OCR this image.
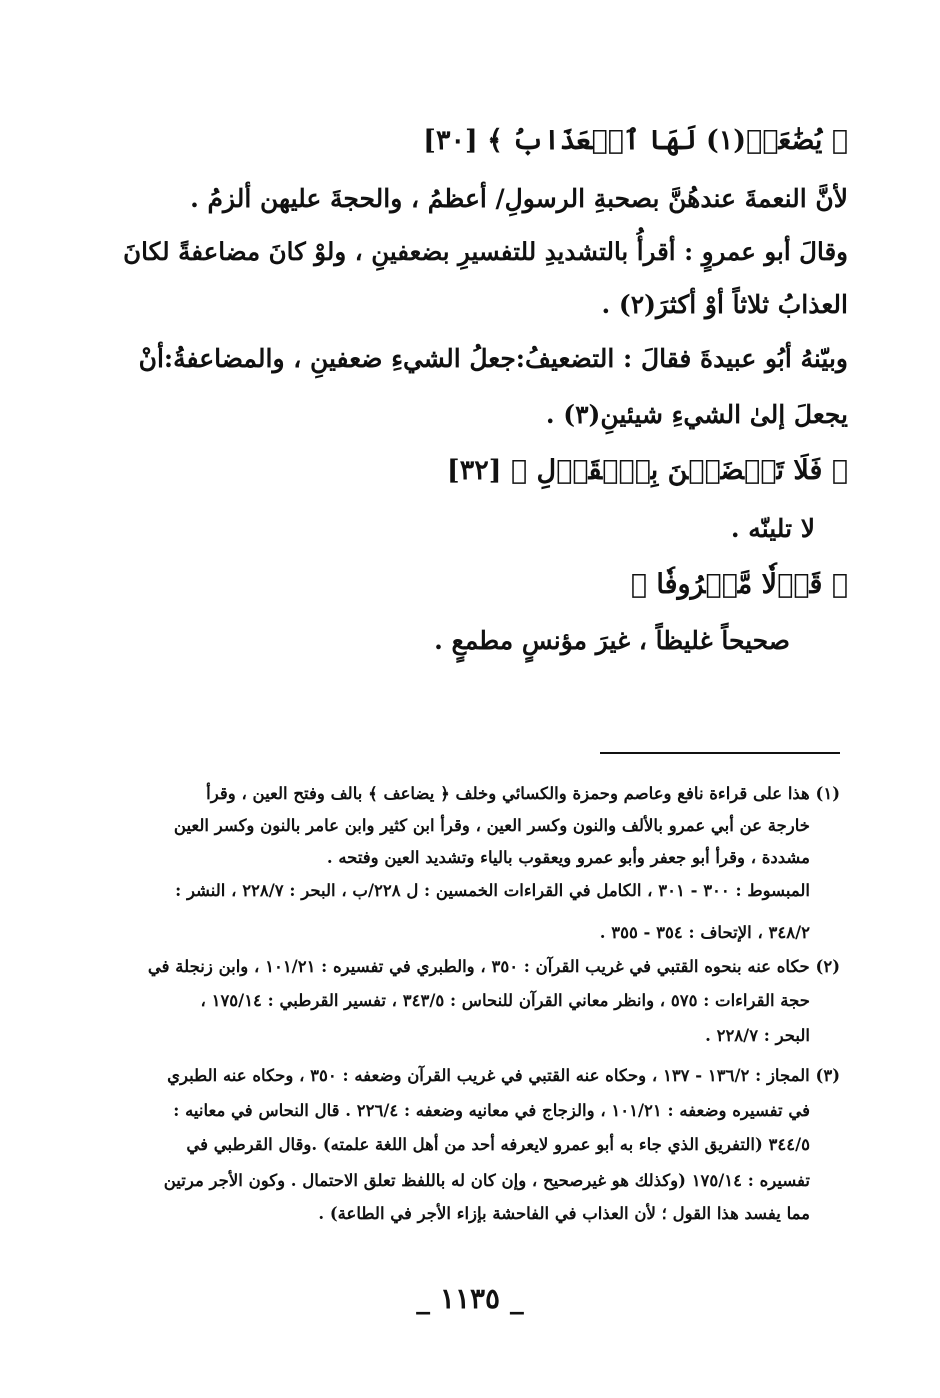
﴿ يُضَٰعَفۡ(١) لَهَا ٱلۡعَذَابُ ﴾ [٣٠]
لأنَّ النعمةَ عندهُنَّ بصحبةِ الرسولِ/ أعظمُ ، والحجةَ عليهن ألزمُ .
وقالَ أبو عمروٍ : أقرأُ بالتشديدِ للتفسيرِ بضعفينِ ، ولوْ كانَ مضاعفةً لكانَ
العذابُ ثلاثاً أوْ أكثرَ(٢) .
وبيّنهُ أبُو عبيدةَ فقالَ : التضعيفُ:جعلُ الشيءِ ضعفينِ ، والمضاعفةُ:أنْ
يجعلَ إلىٰ الشيءِ شيئينِ(٣) .
﴿ فَلَا تَخۡضَعۡنَ بِٱلۡقَوۡلِ ﴾ [٣٢]
لا تلينّه .
﴿ قَوۡلٗا مَّعۡرُوفٗا ﴾
صحيحاً غليظاً ، غيرَ مؤنسٍ مطمعٍ .
(١) هذا على قراءة نافع وعاصم وحمزة والكسائي وخلف ﴿ يضاعف ﴾ بالف وفتح العين ، وقرأ
خارجة عن أبي عمرو بالألف والنون وكسر العين ، وقرأ ابن كثير وابن عامر بالنون وكسر العين
مشددة ، وقرأ أبو جعفر وأبو عمرو ويعقوب بالياء وتشديد العين وفتحه .
المبسوط : ٣٠٠ - ٣٠١ ، الكامل في القراءات الخمسين : ل ٢٢٨/ب ، البحر : ٢٢٨/٧ ، النشر :
٣٤٨/٢ ، الإتحاف : ٣٥٤ - ٣٥٥ .
(٢) حكاه عنه بنحوه القتبي في غريب القرآن : ٣٥٠ ، والطبري في تفسيره : ١٠١/٢١ ، وابن زنجلة في
حجة القراءات : ٥٧٥ ، وانظر معاني القرآن للنحاس : ٣٤٣/٥ ، تفسير القرطبي : ١٧٥/١٤ ،
البحر : ٢٢٨/٧ .
(٣) المجاز : ١٣٦/٢ - ١٣٧ ، وحكاه عنه القتبي في غريب القرآن وضعفه : ٣٥٠ ، وحكاه عنه الطبري
في تفسيره وضعفه : ١٠١/٢١ ، والزجاج في معانيه وضعفه : ٢٢٦/٤ . قال النحاس في معانيه :
٣٤٤/٥ (التفريق الذي جاء به أبو عمرو لايعرفه أحد من أهل اللغة علمته) .وقال القرطبي في
تفسيره : ١٧٥/١٤ (وكذلك هو غيرصحيح ، وإن كان له باللفظ تعلق الاحتمال . وكون الأجر مرتين
مما يفسد هذا القول ؛ لأن العذاب في الفاحشة بإزاء الأجر في الطاعة) .
_ ١١٣٥ _
